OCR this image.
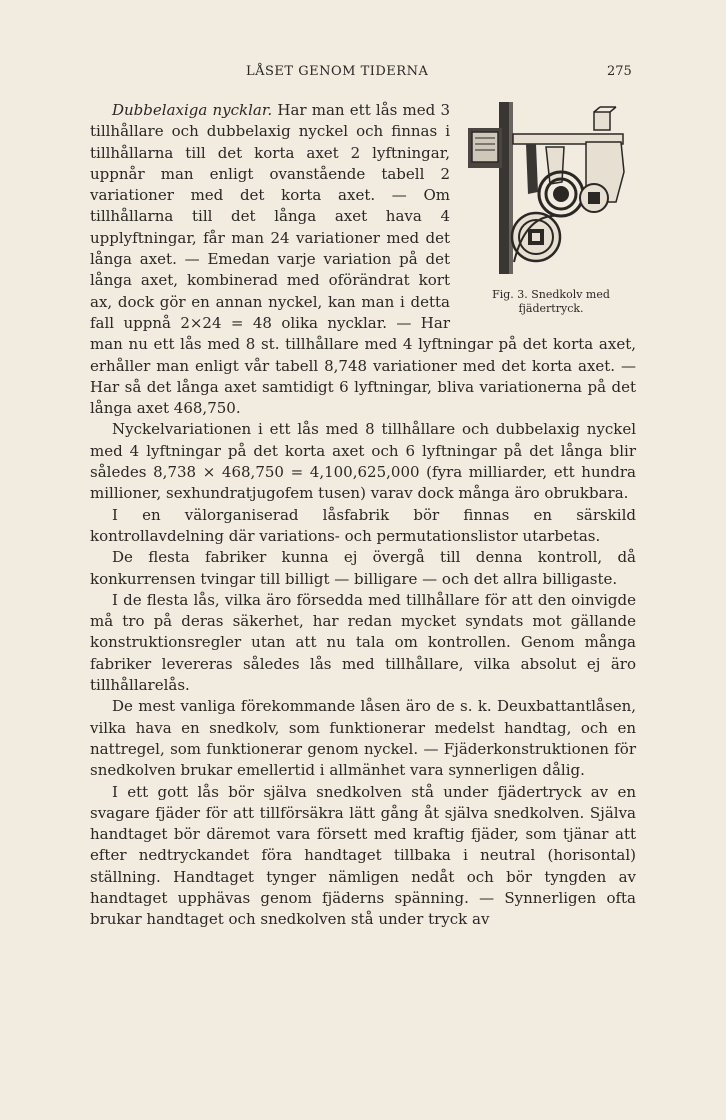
LÅSET GENOM TIDERNA	275
Fig. 3. Snedkolv med
fjädertryck.

Dubbelaxiga nycklar. Har man ett lås med 3 tillhållare och dubbelaxig nyckel och finnas i tillhållarna till det korta axet 2 lyftningar, uppnår man enligt ovanstående tabell 2 variationer med det korta axet. — Om tillhållarna till det långa axet hava 4 upplyftningar, får man 24 variationer med det långa axet. — Emedan varje variation på det långa axet, kombinerad med oförändrat kort ax, dock gör en annan nyckel, kan man i detta fall uppnå 2×24 = 48 olika nycklar. — Har man nu ett lås med 8 st. tillhållare med 4 lyftningar på det korta axet, erhåller man enligt vår tabell 8,748 variationer med det korta axet. — Har så det långa axet samtidigt 6 lyftningar, bliva variationerna på det långa axet 468,750.

Nyckelvariationen i ett lås med 8 tillhållare och dubbelaxig nyckel med 4 lyftningar på det korta axet och 6 lyftningar på det långa blir således 8,738 × 468,750 = 4,100,625,000 (fyra milliarder, ett hundra millioner, sexhundratjugofem tusen) varav dock många äro obrukbara.

I en välorganiserad låsfabrik bör finnas en särskild kontrollavdelning där variations- och permutationslistor utarbetas.

De flesta fabriker kunna ej övergå till denna kontroll, då konkurrensen tvingar till billigt — billigare — och det allra billigaste.

I de flesta lås, vilka äro försedda med tillhållare för att den oinvigde må tro på deras säkerhet, har redan mycket syndats mot gällande konstruktionsregler utan att nu tala om kontrollen. Genom många fabriker levereras således lås med tillhållare, vilka absolut ej äro tillhållarelås.

De mest vanliga förekommande låsen äro de s. k. Deuxbattantlåsen, vilka hava en snedkolv, som funktionerar medelst handtag, och en nattregel, som funktionerar genom nyckel. — Fjäderkonstruktionen för snedkolven brukar emellertid i allmänhet vara synnerligen dålig.

I ett gott lås bör själva snedkolven stå under fjädertryck av en svagare fjäder för att tillförsäkra lätt gång åt själva snedkolven. Själva handtaget bör däremot vara försett med kraftig fjäder, som tjänar att efter nedtryckandet föra handtaget tillbaka i neutral (horisontal) ställning. Handtaget tynger nämligen nedåt och bör tyngden av handtaget upphävas genom fjäderns spänning. — Synnerligen ofta brukar handtaget och snedkolven stå under tryck av
